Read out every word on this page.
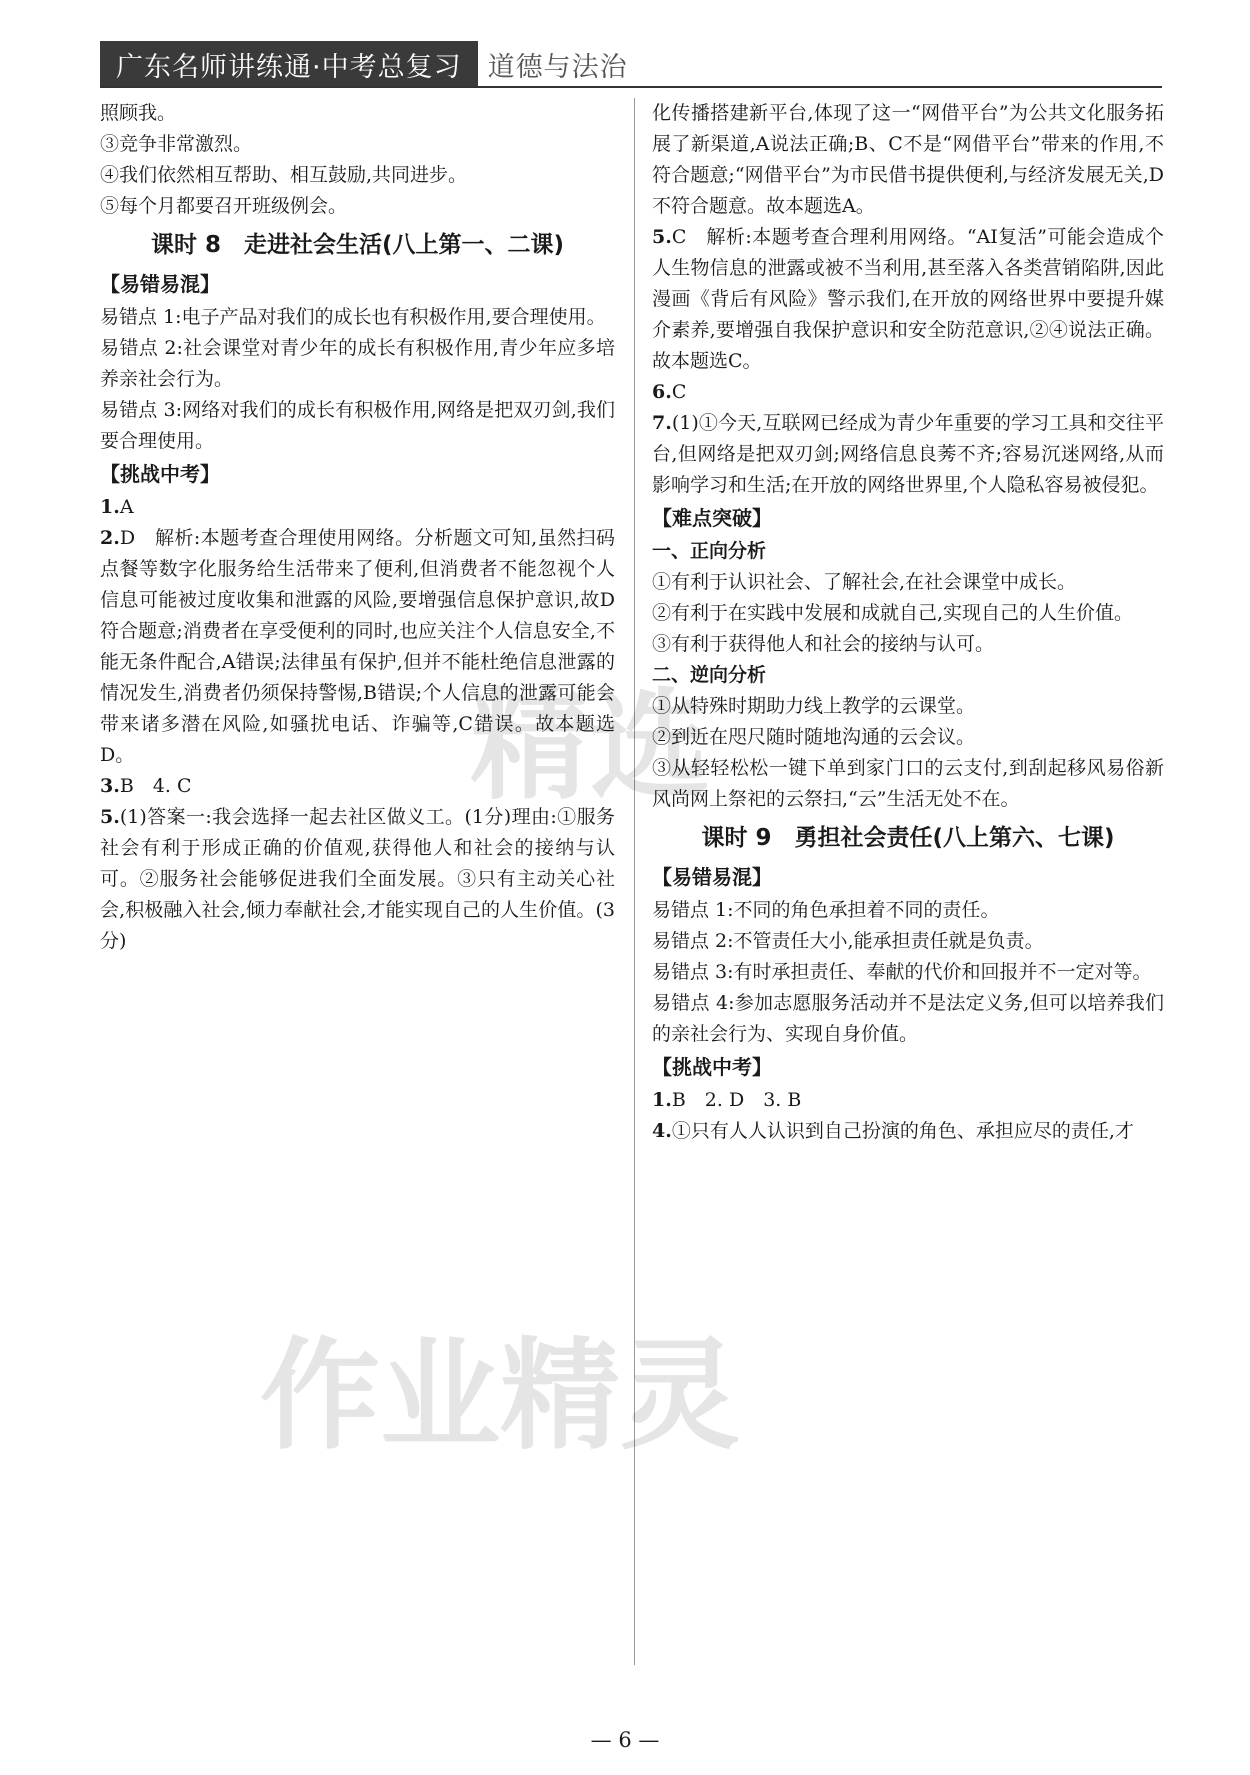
广东名师讲练通·中考总复习 道德与法治

照顾我。

③竞争非常激烈。

④我们依然相互帮助、相互鼓励,共同进步。

⑤每个月都要召开班级例会。

课时 8　走进社会生活(八上第一、二课)
【易错易混】

易错点 1:电子产品对我们的成长也有积极作用,要合理使用。

易错点 2:社会课堂对青少年的成长有积极作用,青少年应多培养亲社会行为。

易错点 3:网络对我们的成长有积极作用,网络是把双刃剑,我们要合理使用。

【挑战中考】

1.A

2.D　解析:本题考查合理使用网络。分析题文可知,虽然扫码点餐等数字化服务给生活带来了便利,但消费者不能忽视个人信息可能被过度收集和泄露的风险,要增强信息保护意识,故D符合题意;消费者在享受便利的同时,也应关注个人信息安全,不能无条件配合,A错误;法律虽有保护,但并不能杜绝信息泄露的情况发生,消费者仍须保持警惕,B错误;个人信息的泄露可能会带来诸多潜在风险,如骚扰电话、诈骗等,C错误。故本题选D。

3.B　4. C

5.(1)答案一:我会选择一起去社区做义工。(1分)理由:①服务社会有利于形成正确的价值观,获得他人和社会的接纳与认可。②服务社会能够促进我们全面发展。③只有主动关心社会,积极融入社会,倾力奉献社会,才能实现自己的人生价值。(3分)

化传播搭建新平台,体现了这一“网借平台”为公共文化服务拓展了新渠道,A说法正确;B、C不是“网借平台”带来的作用,不符合题意;“网借平台”为市民借书提供便利,与经济发展无关,D不符合题意。故本题选A。

5.C　解析:本题考查合理利用网络。“AI复活”可能会造成个人生物信息的泄露或被不当利用,甚至落入各类营销陷阱,因此漫画《背后有风险》警示我们,在开放的网络世界中要提升媒介素养,要增强自我保护意识和安全防范意识,②④说法正确。故本题选C。

6.C

7.(1)①今天,互联网已经成为青少年重要的学习工具和交往平台,但网络是把双刃剑;网络信息良莠不齐;容易沉迷网络,从而影响学习和生活;在开放的网络世界里,个人隐私容易被侵犯。

【难点突破】
一、正向分析

①有利于认识社会、了解社会,在社会课堂中成长。

②有利于在实践中发展和成就自己,实现自己的人生价值。

③有利于获得他人和社会的接纳与认可。

二、逆向分析

①从特殊时期助力线上教学的云课堂。

②到近在咫尺随时随地沟通的云会议。

③从轻轻松松一键下单到家门口的云支付,到刮起移风易俗新风尚网上祭祀的云祭扫,“云”生活无处不在。

课时 9　勇担社会责任(八上第六、七课)
【易错易混】

易错点 1:不同的角色承担着不同的责任。

易错点 2:不管责任大小,能承担责任就是负责。

易错点 3:有时承担责任、奉献的代价和回报并不一定对等。

易错点 4:参加志愿服务活动并不是法定义务,但可以培养我们的亲社会行为、实现自身价值。

【挑战中考】

1.B　2. D　3. B

4.①只有人人认识到自己扮演的角色、承担应尽的责任,才

精选
作业精灵
— 6 —
